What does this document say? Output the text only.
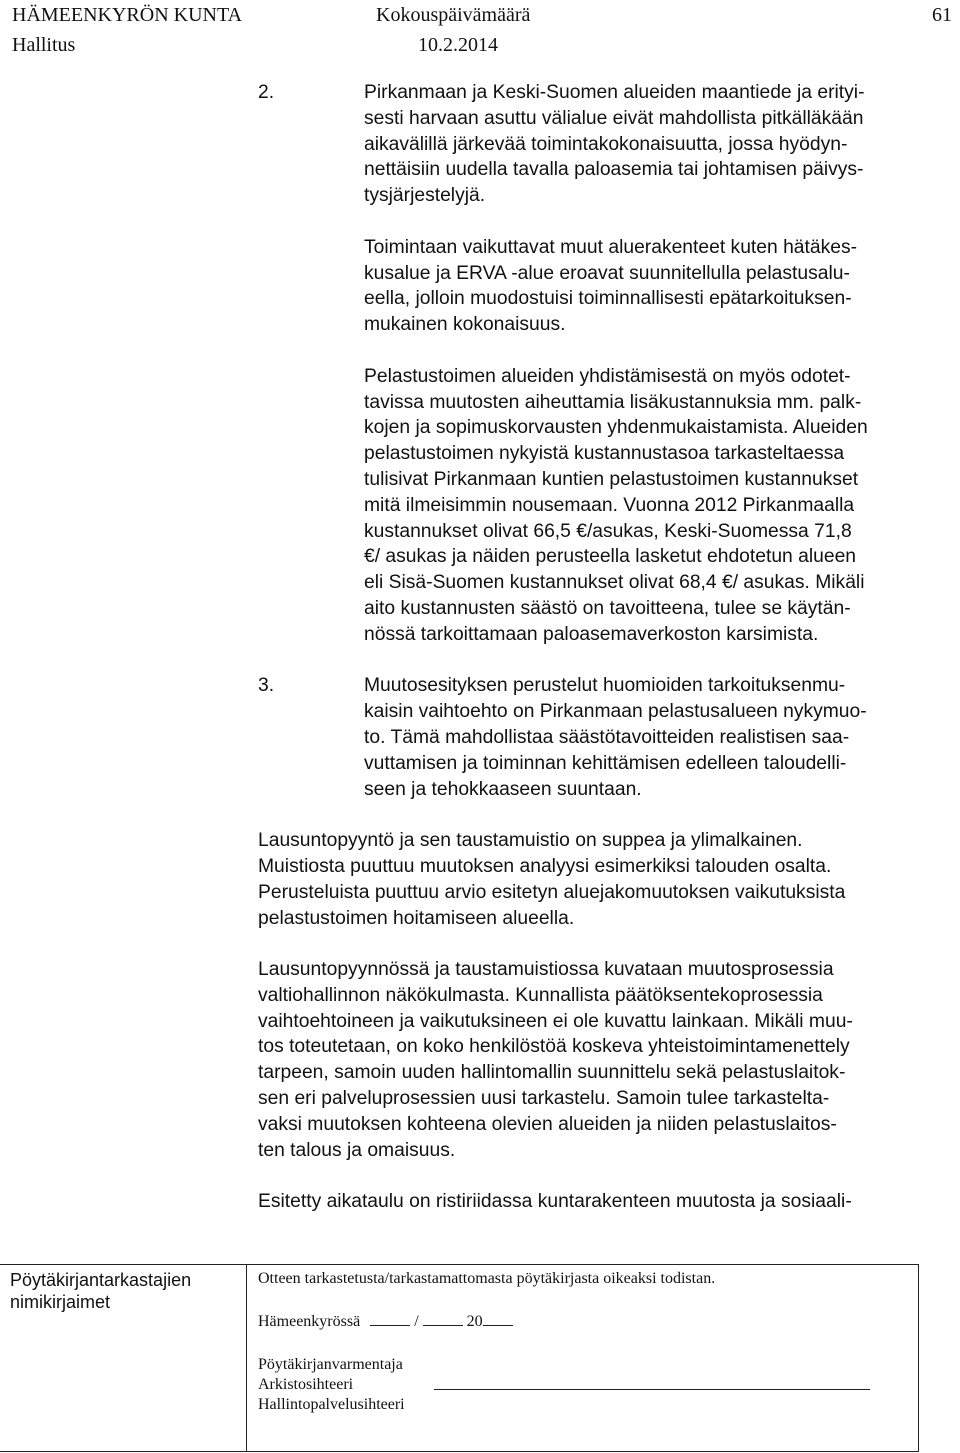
HÄMEENKYRÖN KUNTA	Kokouspäivämäärä	61
Hallitus	10.2.2014
2.	Pirkanmaan ja Keski-Suomen alueiden maantiede ja erityi-
sesti harvaan asuttu välialue eivät mahdollista pitkälläkään
aikavälillä järkevää toimintakokonaisuutta, jossa hyödyn-
nettäisiin uudella tavalla paloasemia tai johtamisen päivys-
tysjärjestelyjä.

Toimintaan vaikuttavat muut aluerakenteet kuten hätäkes-
kusalue ja ERVA -alue eroavat suunnitellulla pelastusalu-
eella, jolloin muodostuisi toiminnallisesti epätarkoituksen-
mukainen kokonaisuus.

Pelastustoimen alueiden yhdistämisestä on myös odotet-
tavissa muutosten aiheuttamia lisäkustannuksia mm. palk-
kojen ja sopimuskorvausten yhdenmukaistamista. Alueiden
pelastustoimen nykyistä kustannustasoa tarkasteltaessa
tulisivat Pirkanmaan kuntien pelastustoimen kustannukset
mitä ilmeisimmin nousemaan. Vuonna 2012 Pirkanmaalla
kustannukset olivat 66,5 €/asukas, Keski-Suomessa 71,8
€/ asukas ja näiden perusteella lasketut ehdotetun alueen
eli Sisä-Suomen kustannukset olivat 68,4 €/ asukas. Mikäli
aito kustannusten säästö on tavoitteena, tulee se käytän-
nössä tarkoittamaan paloasemaverkoston karsimista.

3.	Muutosesityksen perustelut huomioiden tarkoituksenmu-
kaisin vaihtoehto on Pirkanmaan pelastusalueen nykymuo-
to. Tämä mahdollistaa säästötavoitteiden realistisen saa-
vuttamisen ja toiminnan kehittämisen edelleen taloudelli-
seen ja tehokkaaseen suuntaan.

Lausuntopyyntö ja sen taustamuistio on suppea ja ylimalkainen.
Muistiosta puuttuu muutoksen analyysi esimerkiksi talouden osalta.
Perusteluista puuttuu arvio esitetyn aluejakomuutoksen vaikutuksista
pelastustoimen hoitamiseen alueella.

Lausuntopyynnössä ja taustamuistiossa kuvataan muutosprosessia
valtiohallinnon näkökulmasta. Kunnallista päätöksentekoprosessia
vaihtoehtoineen ja vaikutuksineen ei ole kuvattu lainkaan. Mikäli muu-
tos toteutetaan, on koko henkilöstöä koskeva yhteistoimintamenettely
tarpeen, samoin uuden hallintomallin suunnittelu sekä pelastuslaitok-
sen eri palveluprosessien uusi tarkastelu. Samoin tulee tarkastelta-
vaksi muutoksen kohteena olevien alueiden ja niiden pelastuslaitos-
ten talous ja omaisuus.

Esitetty aikataulu on ristiriidassa kuntarakenteen muutosta ja sosiaali-

Pöytäkirjantarkastajien
nimikirjaimet
Otteen tarkastetusta/tarkastamattomasta pöytäkirjasta oikeaksi todistan.
Hämeenkyrössä	/	20
Pöytäkirjanvarmentaja
Arkistosihteeri
Hallintopalvelusihteeri
